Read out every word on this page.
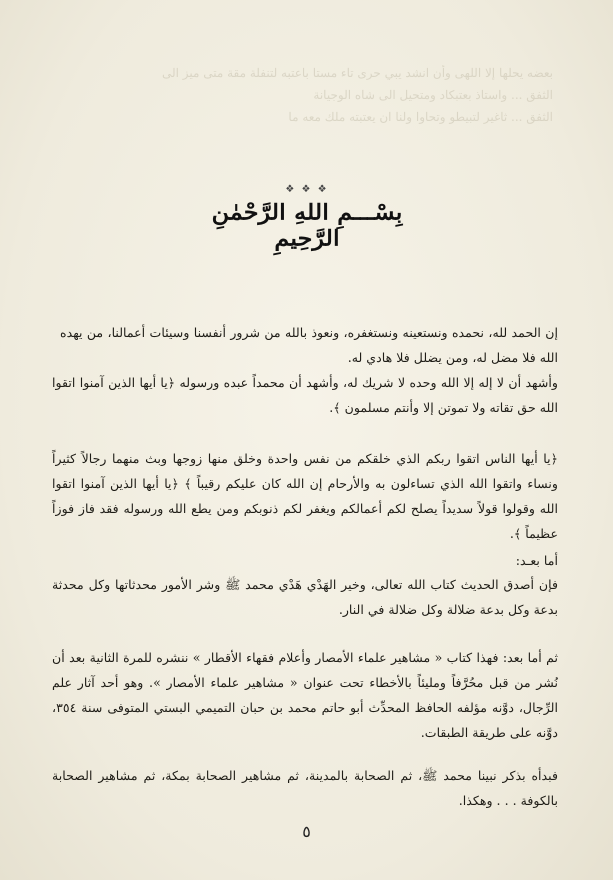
بعضه يحلها إلا اللهى وأن انشد يبي حرى تاء مستا باعتبه لتنفلة مقة متى ميز الى
الثفق ... واستاذ بعتبكاد ومتحيل الى شاه الوجيانة
الثفق ... ثاغير لتبيطو وتحاوا ولنا ان يعتبته ملك معه ما
❖ ❖ ❖
بِسْـــمِ اللهِ الرَّحْمٰنِ الرَّحِيمِ
إن الحمد لله، نحمده ونستعينه ونستغفره، ونعوذ بالله من شرور أنفسنا وسيئات أعمالنا، من يهده الله فلا مضل له، ومن يضلل فلا هادي له.
وأشهد أن لا إله إلا الله وحده لا شريك له، وأشهد أن محمداً عبده ورسوله ﴿يا أيها الذين آمنوا اتقوا الله حق تقاته ولا تموتن إلا وأنتم مسلمون ﴾.
﴿يا أيها الناس اتقوا ربكم الذي خلقكم من نفس واحدة وخلق منها زوجها وبث منهما رجالاً كثيراً ونساء واتقوا الله الذي تساءلون به والأرحام إن الله كان عليكم رقيباً ﴾ ﴿يا أيها الذين آمنوا اتقوا الله وقولوا قولاً سديداً يصلح لكم أعمالكم ويغفر لكم ذنوبكم ومن يطع الله ورسوله فقد فاز فوزاً عظيماً ﴾.
أما بعـد:
فإن أصدق الحديث كتاب الله تعالى، وخير الهَدْي هَدْي محمد ﷺ وشر الأمور محدثاتها وكل محدثة بدعة وكل بدعة ضلالة وكل ضلالة في النار.
ثم أما بعد: فهذا كتاب « مشاهير علماء الأمصار وأعلام فقهاء الأقطار » ننشره للمرة الثانية بعد أن نُشر من قبل محُرَّفاً ومليئاً بالأخطاء تحت عنوان « مشاهير علماء الأمصار ». وهو أحد آثار علم الرِّجال، دوَّنه مؤلفه الحافظ المحدِّث أبو حاتم محمد بن حبان التميمي البستي المتوفى سنة ٣٥٤، دوَّنه على طريقة الطبقات.
فبدأه بذكر نبينا محمد ﷺ، ثم الصحابة بالمدينة، ثم مشاهير الصحابة بمكة، ثم مشاهير الصحابة بالكوفة . . . وهكذا.
٥
